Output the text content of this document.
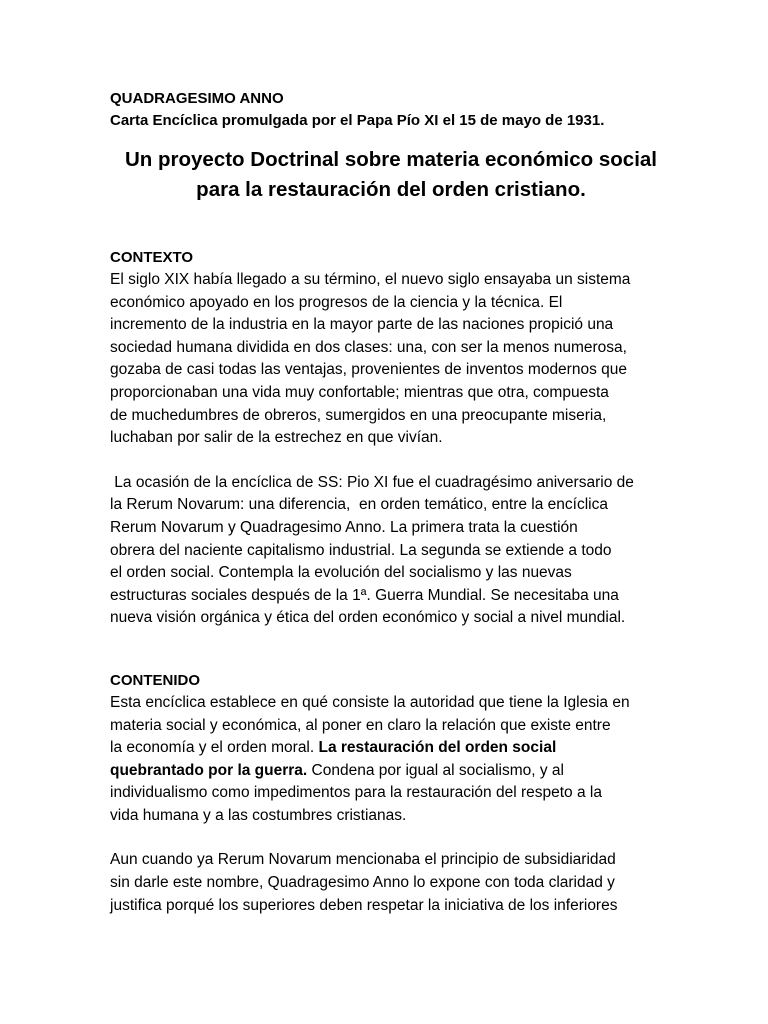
QUADRAGESIMO ANNO

Carta Encíclica promulgada por el Papa Pío XI el 15 de mayo de 1931.

Un proyecto Doctrinal sobre materia económico social
para la restauración del orden cristiano.

CONTEXTO

El siglo XIX había llegado a su término, el nuevo siglo ensayaba un sistema
económico apoyado en los progresos de la ciencia y la técnica. El
incremento de la industria en la mayor parte de las naciones propició una
sociedad humana dividida en dos clases: una, con ser la menos numerosa,
gozaba de casi todas las ventajas, provenientes de inventos modernos que
proporcionaban una vida muy confortable; mientras que otra, compuesta
de muchedumbres de obreros, sumergidos en una preocupante miseria,
luchaban por salir de la estrechez en que vivían.
La ocasión de la encíclica de SS: Pio XI fue el cuadragésimo aniversario de
la Rerum Novarum: una diferencia,  en orden temático, entre la encíclica
Rerum Novarum y Quadragesimo Anno. La primera trata la cuestión
obrera del naciente capitalismo industrial. La segunda se extiende a todo
el orden social. Contempla la evolución del socialismo y las nuevas
estructuras sociales después de la 1ª. Guerra Mundial. Se necesitaba una
nueva visión orgánica y ética del orden económico y social a nivel mundial.

CONTENIDO

Esta encíclica establece en qué consiste la autoridad que tiene la Iglesia en
materia social y económica, al poner en claro la relación que existe entre
la economía y el orden moral. La restauración del orden social
quebrantado por la guerra. Condena por igual al socialismo, y al
individualismo como impedimentos para la restauración del respeto a la
vida humana y a las costumbres cristianas.
Aun cuando ya Rerum Novarum mencionaba el principio de subsidiaridad
sin darle este nombre, Quadragesimo Anno lo expone con toda claridad y
justifica porqué los superiores deben respetar la iniciativa de los inferiores
